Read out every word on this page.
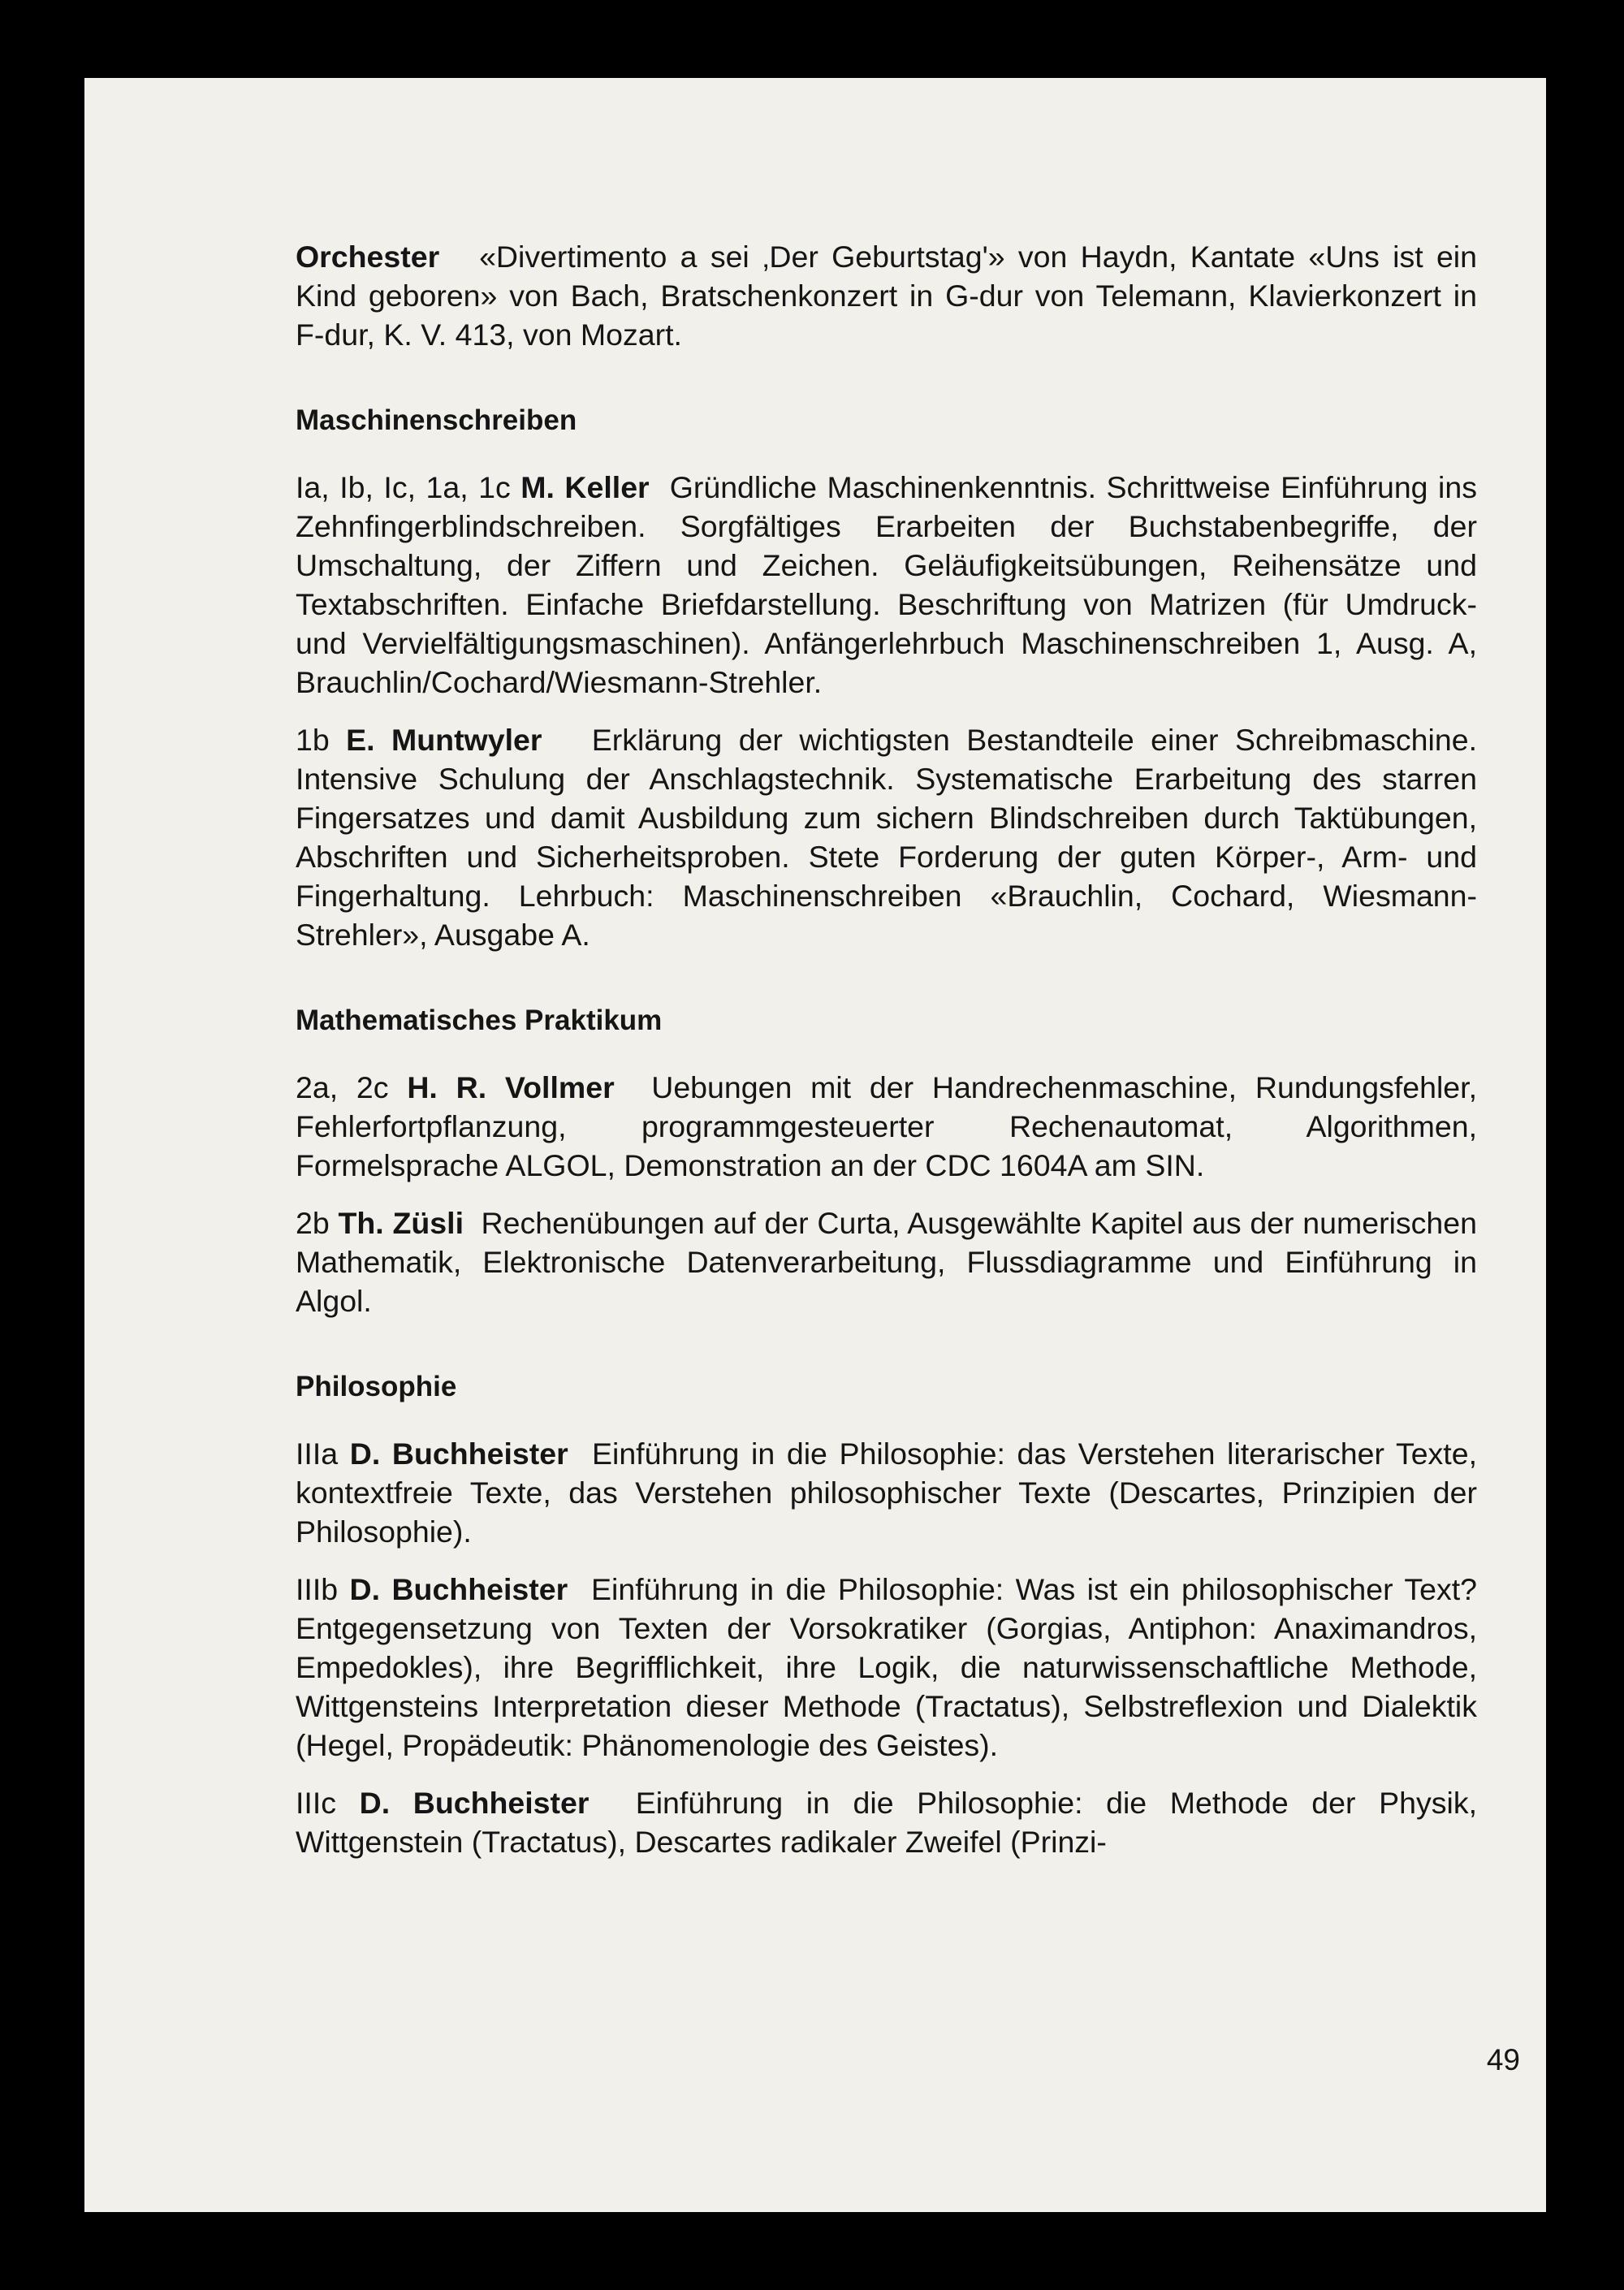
Orchester «Divertimento a sei ‚Der Geburtstag'» von Haydn, Kantate «Uns ist ein Kind geboren» von Bach, Bratschenkonzert in G-dur von Telemann, Klavierkonzert in F-dur, K. V. 413, von Mozart.

Maschinenschreiben

Ia, Ib, Ic, 1a, 1c M. Keller Gründliche Maschinenkenntnis. Schrittweise Einführung ins Zehnfingerblindschreiben. Sorgfältiges Erarbeiten der Buchstabenbegriffe, der Umschaltung, der Ziffern und Zeichen. Geläufigkeitsübungen, Reihensätze und Textabschriften. Einfache Briefdarstellung. Beschriftung von Matrizen (für Umdruck- und Vervielfältigungsmaschinen). Anfängerlehrbuch Maschinenschreiben 1, Ausg. A, Brauchlin/Cochard/Wiesmann-Strehler.

1b E. Muntwyler Erklärung der wichtigsten Bestandteile einer Schreibmaschine. Intensive Schulung der Anschlagstechnik. Systematische Erarbeitung des starren Fingersatzes und damit Ausbildung zum sichern Blindschreiben durch Taktübungen, Abschriften und Sicherheitsproben. Stete Forderung der guten Körper-, Arm- und Fingerhaltung. Lehrbuch: Maschinenschreiben «Brauchlin, Cochard, Wiesmann-Strehler», Ausgabe A.

Mathematisches Praktikum

2a, 2c H. R. Vollmer Uebungen mit der Handrechenmaschine, Rundungsfehler, Fehlerfortpflanzung, programmgesteuerter Rechenautomat, Algorithmen, Formelsprache ALGOL, Demonstration an der CDC 1604A am SIN.

2b Th. Züsli Rechenübungen auf der Curta, Ausgewählte Kapitel aus der numerischen Mathematik, Elektronische Datenverarbeitung, Flussdiagramme und Einführung in Algol.

Philosophie

IIIa D. Buchheister Einführung in die Philosophie: das Verstehen literarischer Texte, kontextfreie Texte, das Verstehen philosophischer Texte (Descartes, Prinzipien der Philosophie).

IIIb D. Buchheister Einführung in die Philosophie: Was ist ein philosophischer Text? Entgegensetzung von Texten der Vorsokratiker (Gorgias, Antiphon: Anaximandros, Empedokles), ihre Begrifflichkeit, ihre Logik, die naturwissenschaftliche Methode, Wittgensteins Interpretation dieser Methode (Tractatus), Selbstreflexion und Dialektik (Hegel, Propädeutik: Phänomenologie des Geistes).

IIIc D. Buchheister Einführung in die Philosophie: die Methode der Physik, Wittgenstein (Tractatus), Descartes radikaler Zweifel (Prinzi-

49
